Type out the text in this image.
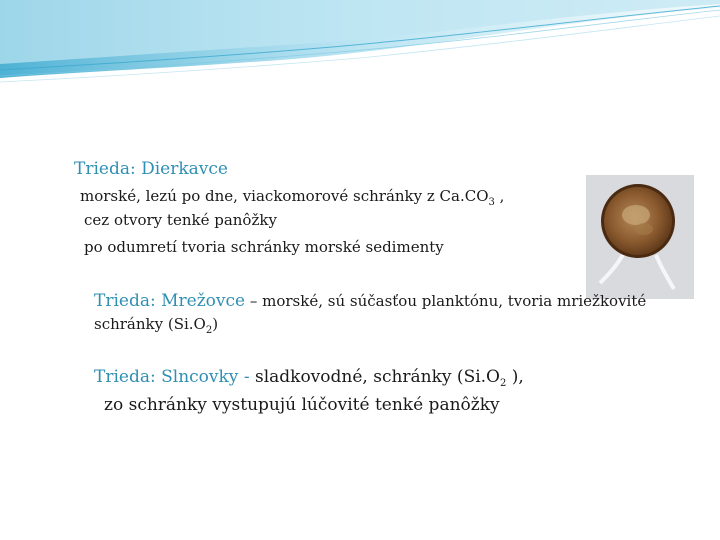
Trieda: Dierkavce
morské, lezú po dne, viackomorové schránky z $Ca.CO_3$ ,
cez otvory tenké panôžky
po odumretí tvoria schránky morské sedimenty
Trieda: Mrežovce – morské, sú súčasťou planktónu, tvoria mriežkovité
schránky $(Si.O_2)$
Trieda: Slncovky - sladkovodné, schránky ($Si.O_2$ ),
zo schránky vystupujú lúčovité tenké panôžky
